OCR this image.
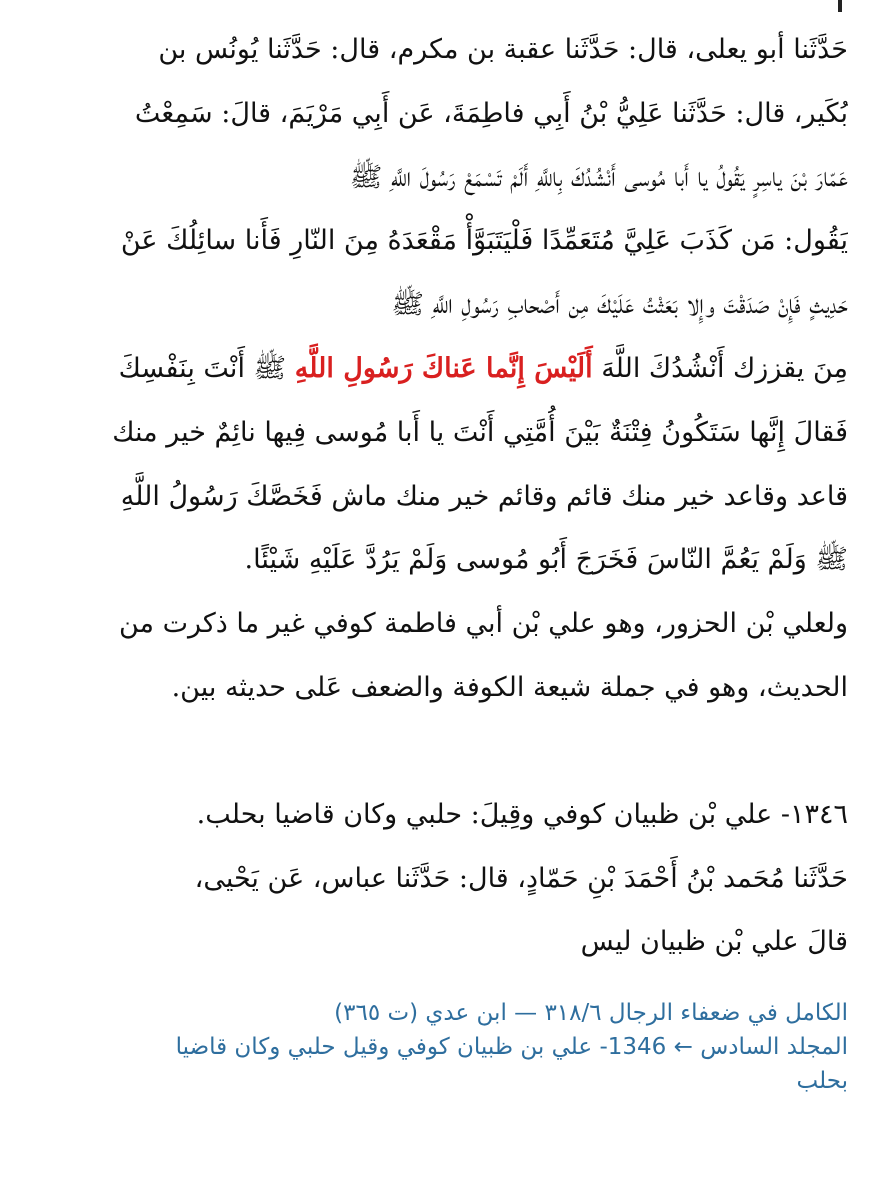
حَدَّثَنا أبو يعلى، قال: حَدَّثَنا عقبة بن مكرم، قال: حَدَّثَنا يُونُس بن
بُكَير، قال: حَدَّثَنا عَلِيُّ بْنُ أَبِي فاطِمَةَ، عَن أَبِي مَرْيَمَ، قالَ: سَمِعْتُ
عَمّارَ بْنَ ياسِرٍ يَقُولُ يا أَبا مُوسى أَنْشُدُكَ بِاللَّهِ أَلَمْ تَسْمَعْ رَسُولَ اللَّهِ ﷺ
يَقُول: مَن كَذَبَ عَلِيَّ مُتَعَمِّدًا فَلْيَتَبَوَّأْ مَقْعَدَهُ مِنَ النّارِ فَأَنا سائِلُكَ عَنْ
حَدِيثٍ فَإِنْ صَدَقْتَ وإِلا بَعَثْتُ عَلَيْكَ مِن أَصْحابِ رَسُولِ اللَّهِ ﷺ
مِنَ يقززك أَنْشُدُكَ اللَّهَ أَلَيْسَ إِنَّما عَناكَ رَسُولِ اللَّهِ ﷺ أَنْتَ بِنَفْسِكَ
فَقالَ إِنَّها سَتَكُونُ فِتْنَةٌ بَيْنَ أُمَّتِي أَنْتَ يا أَبا مُوسى فِيها نائِمٌ خير منك
قاعد وقاعد خير منك قائم وقائم خير منك ماش فَخَصَّكَ رَسُولُ اللَّهِ
ﷺ وَلَمْ يَعُمَّ النّاسَ فَخَرَجَ أَبُو مُوسى وَلَمْ يَرُدَّ عَلَيْهِ شَيْئًا.

ولعلي بْن الحزور، وهو علي بْن أبي فاطمة كوفي غير ما ذكرت من
الحديث، وهو في جملة شيعة الكوفة والضعف عَلى حديثه بين.

١٣٤٦- علي بْن ظبيان كوفي وقِيلَ: حلبي وكان قاضيا بحلب.
حَدَّثَنا مُحَمد بْنُ أَحْمَدَ بْنِ حَمّادٍ، قال: حَدَّثَنا عباس، عَن يَحْيى،
قالَ علي بْن ظبيان ليس

الكامل في ضعفاء الرجال ٣١٨/٦ — ابن عدي (ت ٣٦٥)
المجلد السادس ← 1346- علي بن ظبيان كوفي وقيل حلبي وكان قاضيا
بحلب
